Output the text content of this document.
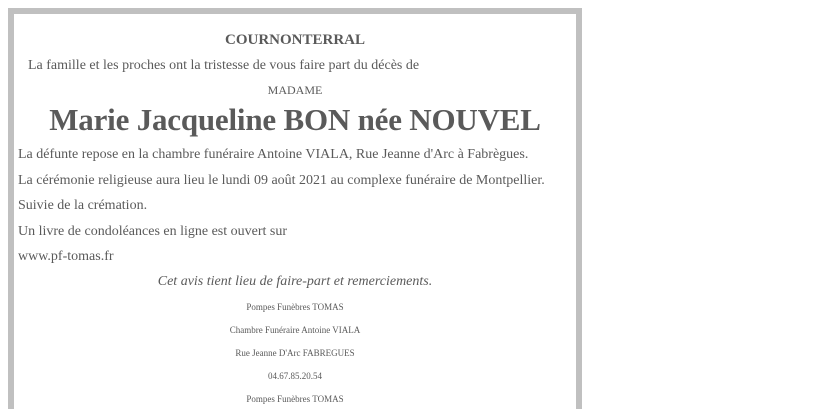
COURNONTERRAL

La famille et les proches ont la tristesse de vous faire part du décès de

MADAME

Marie Jacqueline BON née NOUVEL

La défunte repose en la chambre funéraire Antoine VIALA, Rue Jeanne d'Arc à Fabrègues.

La cérémonie religieuse aura lieu le lundi 09 août 2021 au complexe funéraire de Montpellier.

Suivie de la crémation.

Un livre de condoléances en ligne est ouvert sur

www.pf-tomas.fr

Cet avis tient lieu de faire-part et remerciements.

Pompes Funèbres TOMAS

Chambre Funéraire Antoine VIALA

Rue Jeanne D'Arc FABREGUES

04.67.85.20.54

Pompes Funèbres TOMAS
